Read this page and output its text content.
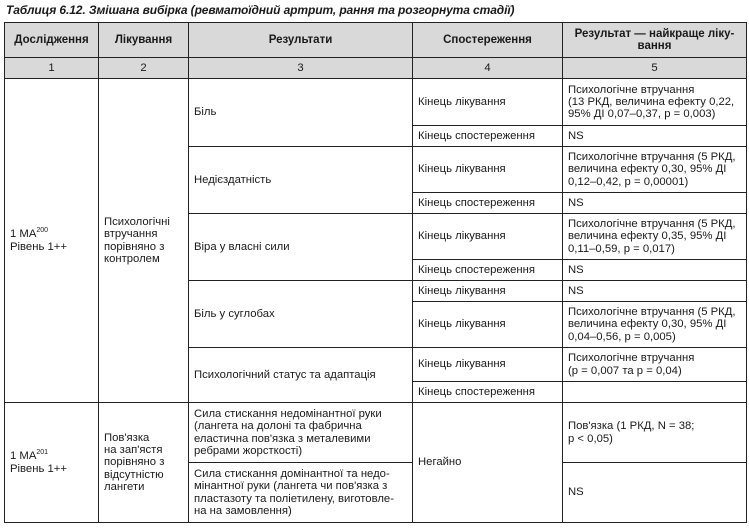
Таблиця 6.12. Змішана вибірка (ревматоїдний артрит, рання та розгорнута стадії)
Дослідження	Лікування	Результати	Спостереження	Результат — найкраще ліку-
вання
1	2	3	4	5
1 МА$^{200}$
Рівень 1++	Психологічні
втручання
порівняно з
контролем	Біль	Кінець лікування	Психологічне втручання
(13 РКД, величина ефекту 0,22,
95% ДІ 0,07–0,37, р = 0,003)
			Кінець спостереження	NS
		Недієздатність	Кінець лікування	Психологічне втручання (5 РКД,
величина ефекту 0,30, 95% ДІ
0,12–0,42, р = 0,00001)
			Кінець спостереження	NS
		Віра у власні сили	Кінець лікування	Психологічне втручання (5 РКД,
величина ефекту 0,35, 95% ДІ
0,11–0,59, р = 0,017)
			Кінець спостереження	NS
		Біль у суглобах	Кінець лікування	NS
			Кінець лікування	Психологічне втручання (5 РКД,
величина ефекту 0,30, 95% ДІ
0,04–0,56, р = 0,005)
		Психологічний статус та адаптація	Кінець лікування	Психологічне втручання
(р = 0,007 та р = 0,04)
			Кінець спостереження	
1 МА$^{201}$
Рівень 1++	Пов'язка
на зап'ястя
порівняно з
відсутністю
лангети	Сила стискання недомінантної руки
(лангета на долоні та фабрична
еластична пов'язка з металевими
ребрами жорсткості)	Негайно	Пов'язка (1 РКД, N = 38;
р < 0,05)
		Сила стискання домінантної та недо-
мінантної руки (лангета чи пов'язка з
пластазоту та поліетилену, виготовле-
на на замовлення)		NS
